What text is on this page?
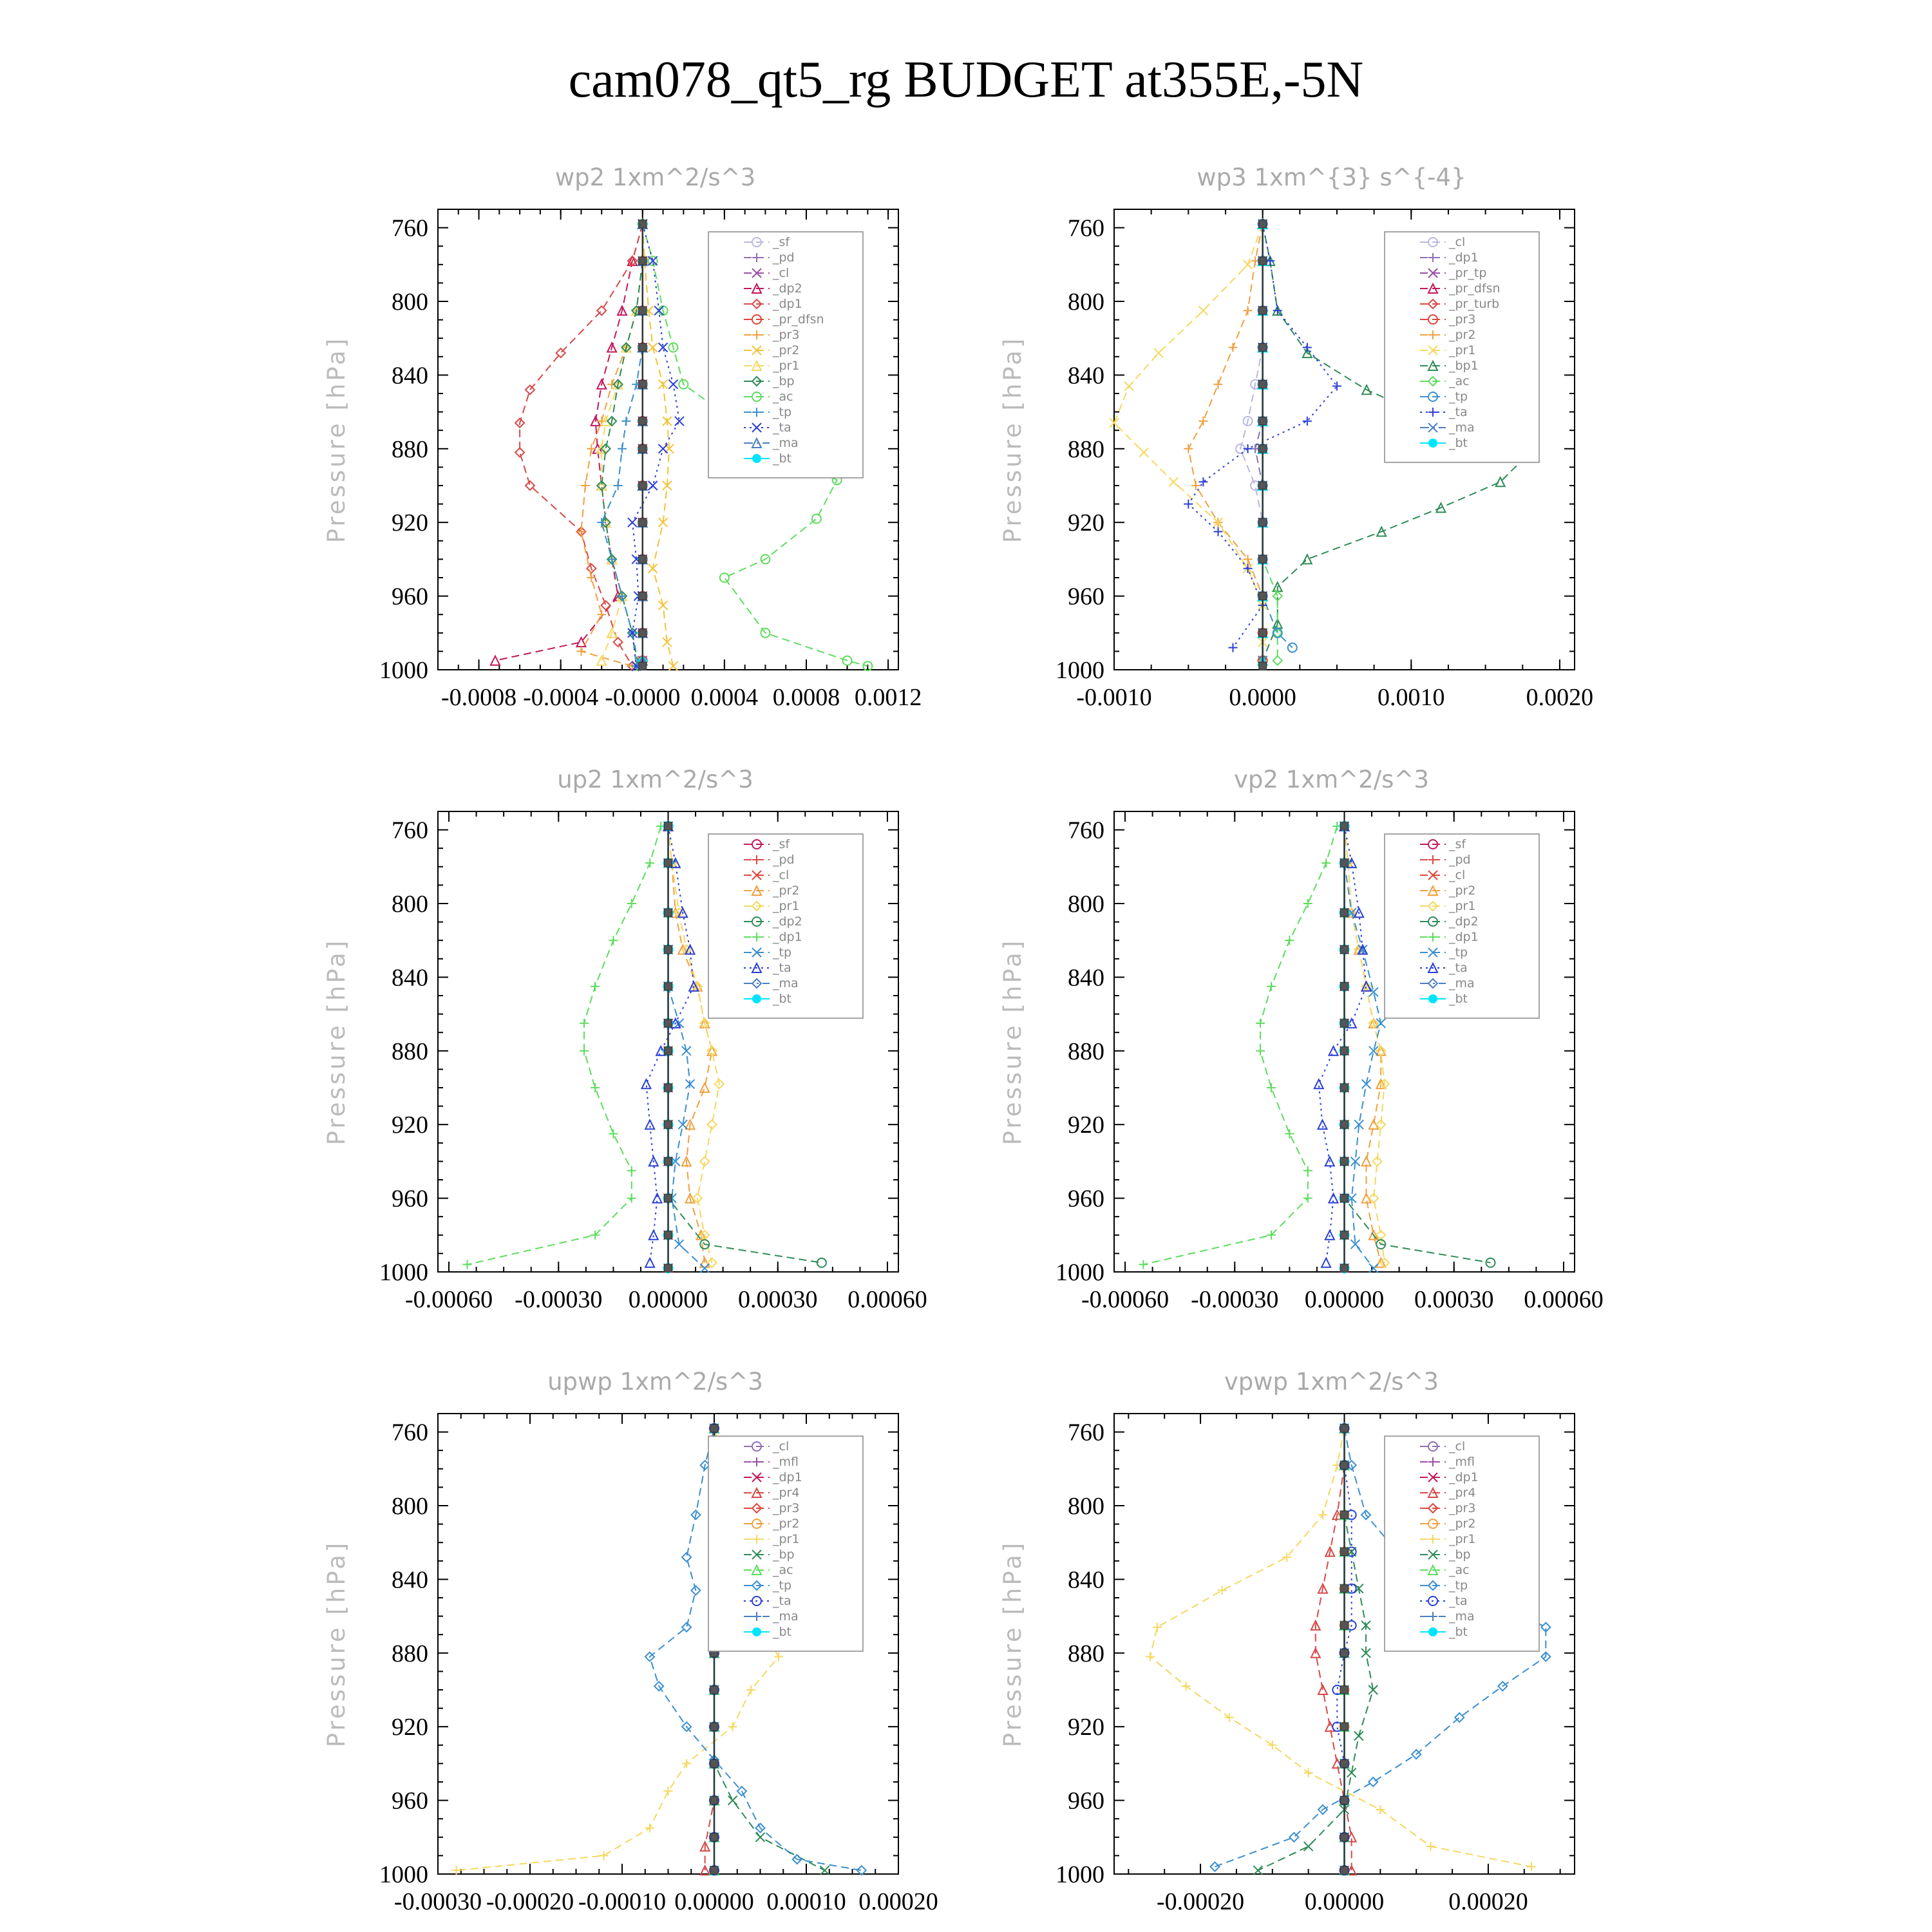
cam078_qt5_rg BUDGET at355E,-5N
wp2 1xm^2/s^3
Pressure [hPa]
760
800
840
880
920
960
1000
-0.0008 -0.0004 -0.0000 0.0004 0.0008 0.0012
_sf
_pd
_cl
_dp2
_dp1
_pr_dfsn
_pr3
_pr2
_pr1
_bp
_ac
_tp
_ta
_ma
_bt
wp3 1xm^{3} s^{-4}
Pressure [hPa]
760
800
840
880
920
960
1000
-0.0010	0.0000	0.0010	0.0020
_cl
_dp1
_pr_tp
_pr_dfsn
_pr_turb
_pr3
_pr2
_pr1
_bp1
_ac
_tp
_ta
_ma
_bt
up2 1xm^2/s^3
Pressure [hPa]
760
800
840
880
920
960
1000
-0.00060 -0.00030 0.00000 0.00030 0.00060
_sf
_pd
_cl
_pr2
_pr1
_dp2
_dp1
_tp
_ta
_ma
_bt
vp2 1xm^2/s^3
Pressure [hPa]
760
800
840
880
920
960
1000
-0.00060 -0.00030 0.00000 0.00030 0.00060
_sf
_pd
_cl
_pr2
_pr1
_dp2
_dp1
_tp
_ta
_ma
_bt
upwp 1xm^2/s^3
Pressure [hPa]
760
800
840
880
920
960
1000
-0.00030 -0.00020 -0.00010 0.00000 0.00010 0.00020
_cl
_mfl
_dp1
_pr4
_pr3
_pr2
_pr1
_bp
_ac
_tp
_ta
_ma
_bt
vpwp 1xm^2/s^3
Pressure [hPa]
760
800
840
880
920
960
1000
-0.00020 0.00000	0.00020
_cl
_mfl
_dp1
_pr4
_pr3
_pr2
_pr1
_bp
_ac
_tp
_ta
_ma
_bt
